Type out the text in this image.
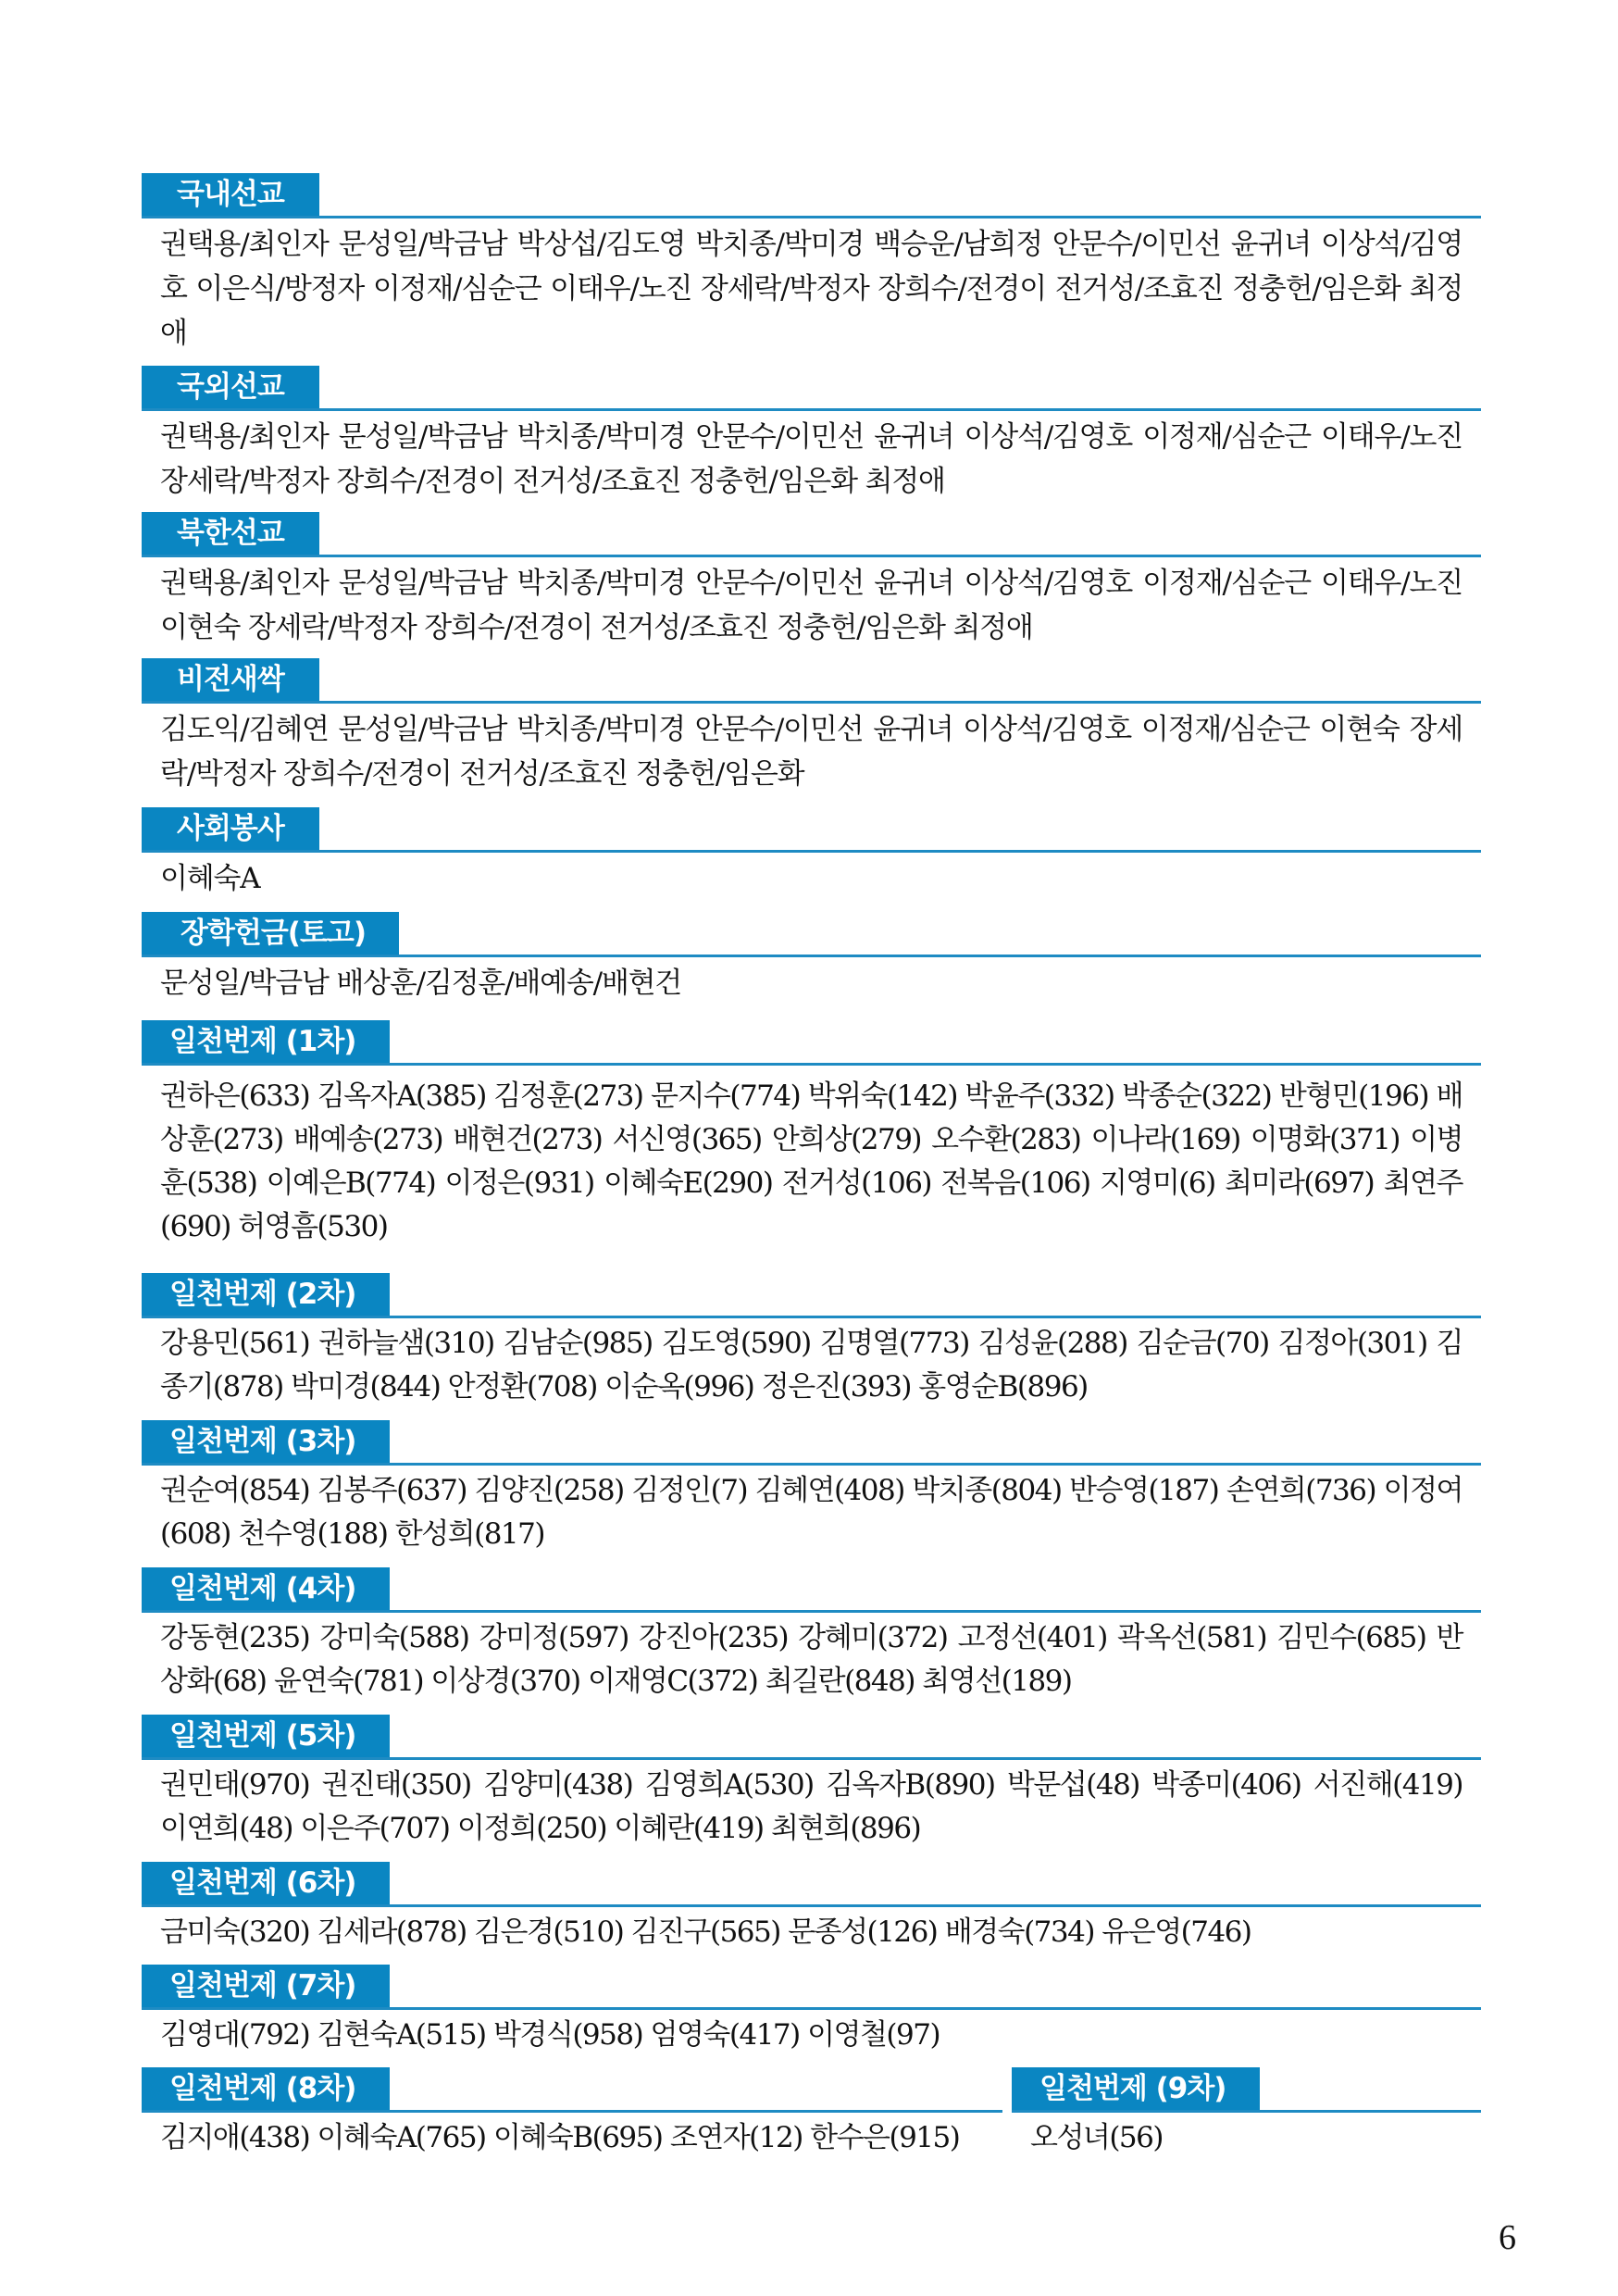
국내선교
권택용/최인자 문성일/박금남 박상섭/김도영 박치종/박미경 백승운/남희정 안문수/이민선 윤귀녀 이상석/김영호 이은식/방정자 이정재/심순근 이태우/노진 장세락/박정자 장희수/전경이 전거성/조효진 정충헌/임은화 최정애
국외선교
권택용/최인자 문성일/박금남 박치종/박미경 안문수/이민선 윤귀녀 이상석/김영호 이정재/심순근 이태우/노진 장세락/박정자 장희수/전경이 전거성/조효진 정충헌/임은화 최정애
북한선교
권택용/최인자 문성일/박금남 박치종/박미경 안문수/이민선 윤귀녀 이상석/김영호 이정재/심순근 이태우/노진 이현숙 장세락/박정자 장희수/전경이 전거성/조효진 정충헌/임은화 최정애
비전새싹
김도익/김혜연 문성일/박금남 박치종/박미경 안문수/이민선 윤귀녀 이상석/김영호 이정재/심순근 이현숙 장세락/박정자 장희수/전경이 전거성/조효진 정충헌/임은화
사회봉사
이혜숙A
장학헌금(토고)
문성일/박금남 배상훈/김정훈/배예송/배현건
일천번제 (1차)
권하은(633) 김옥자A(385) 김정훈(273) 문지수(774) 박위숙(142) 박윤주(332) 박종순(322) 반형민(196) 배상훈(273) 배예송(273) 배현건(273) 서신영(365) 안희상(279) 오수환(283) 이나라(169) 이명화(371) 이병훈(538) 이예은B(774) 이정은(931) 이혜숙E(290) 전거성(106) 전복음(106) 지영미(6) 최미라(697) 최연주(690) 허영흠(530)
일천번제 (2차)
강용민(561) 권하늘샘(310) 김남순(985) 김도영(590) 김명열(773) 김성윤(288) 김순금(70) 김정아(301) 김종기(878) 박미경(844) 안정환(708) 이순옥(996) 정은진(393) 홍영순B(896)
일천번제 (3차)
권순여(854) 김봉주(637) 김양진(258) 김정인(7) 김혜연(408) 박치종(804) 반승영(187) 손연희(736) 이정여(608) 천수영(188) 한성희(817)
일천번제 (4차)
강동현(235) 강미숙(588) 강미정(597) 강진아(235) 강혜미(372) 고정선(401) 곽옥선(581) 김민수(685) 반상화(68) 윤연숙(781) 이상경(370) 이재영C(372) 최길란(848) 최영선(189)
일천번제 (5차)
권민태(970) 권진태(350) 김양미(438) 김영희A(530) 김옥자B(890) 박문섭(48) 박종미(406) 서진해(419) 이연희(48) 이은주(707) 이정희(250) 이혜란(419) 최현희(896)
일천번제 (6차)
금미숙(320) 김세라(878) 김은경(510) 김진구(565) 문종성(126) 배경숙(734) 유은영(746)
일천번제 (7차)
김영대(792) 김현숙A(515) 박경식(958) 엄영숙(417) 이영철(97)
일천번제 (8차)
김지애(438) 이혜숙A(765) 이혜숙B(695) 조연자(12) 한수은(915)
일천번제 (9차)
오성녀(56)
6
